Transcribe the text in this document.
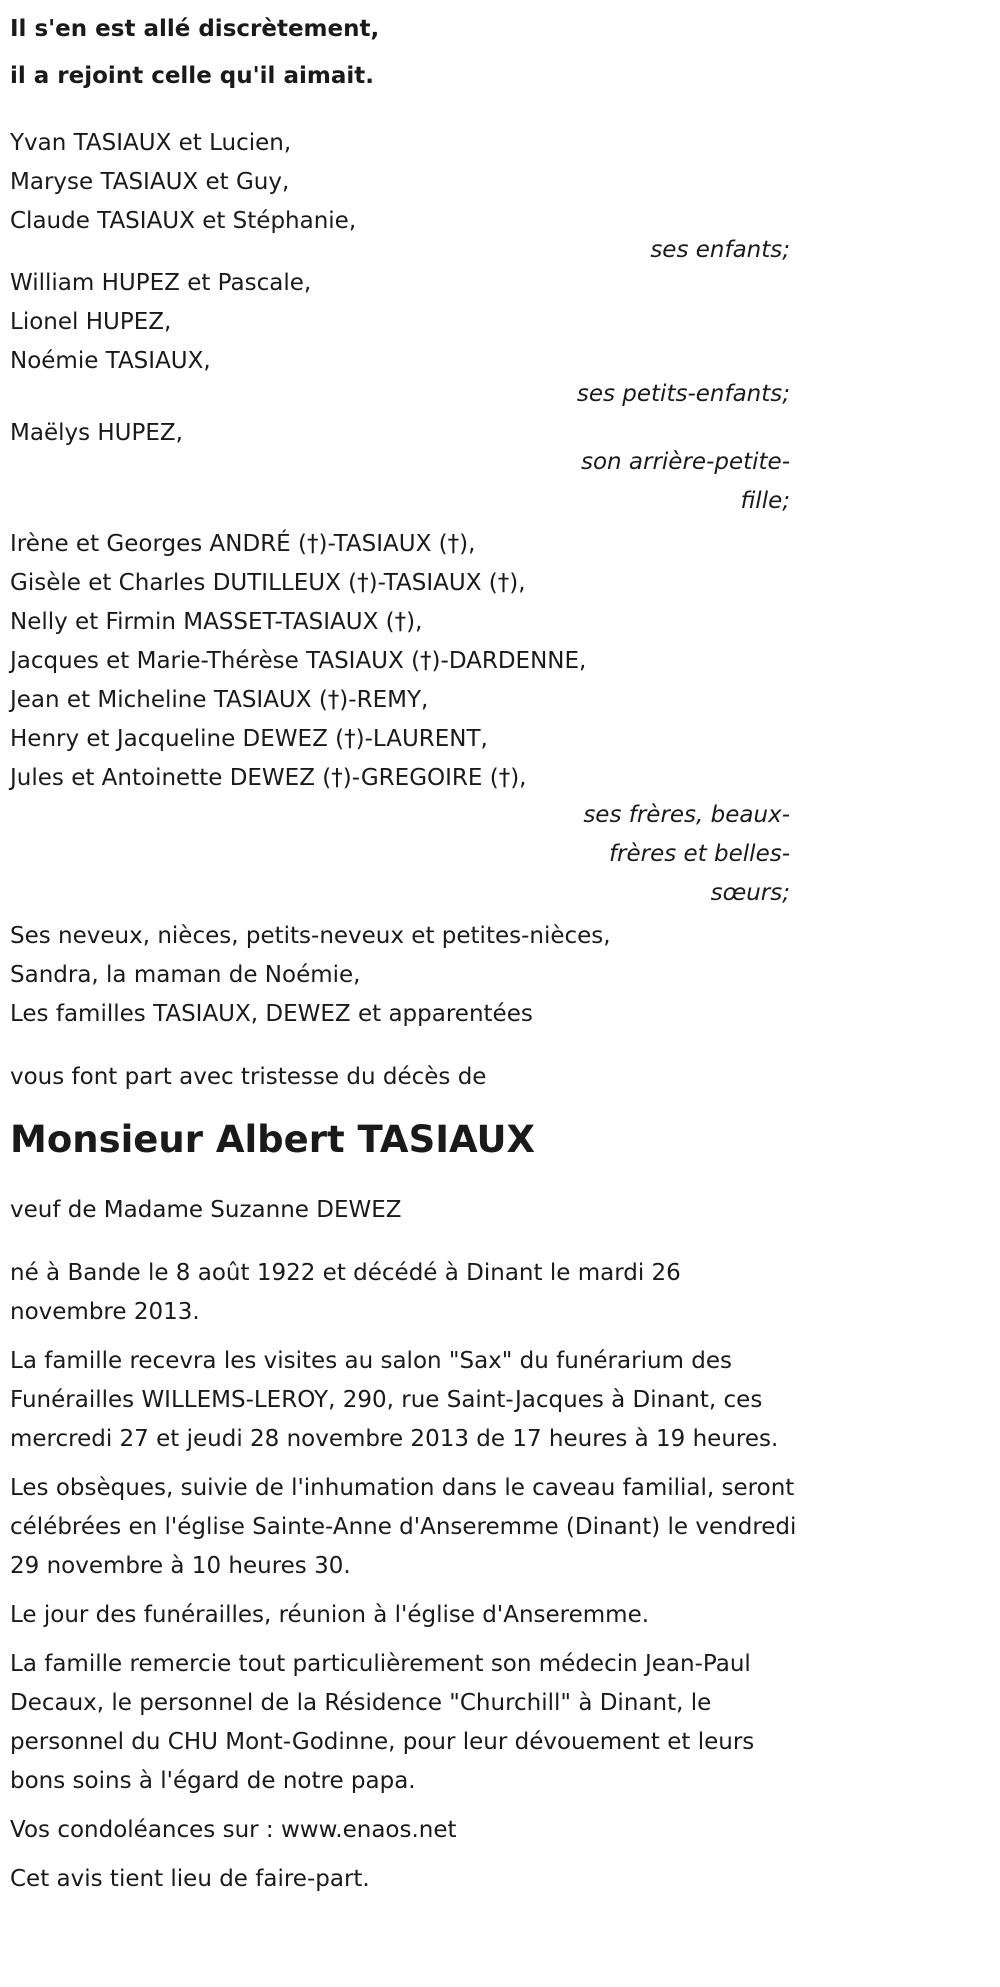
Il s'en est allé discrètement,
il a rejoint celle qu'il aimait.
Yvan TASIAUX et Lucien,
Maryse TASIAUX et Guy,
Claude TASIAUX et Stéphanie,
ses enfants;
William HUPEZ et Pascale,
Lionel HUPEZ,
Noémie TASIAUX,
ses petits-enfants;
Maëlys HUPEZ,
son arrière-petite-fille;
Irène et Georges ANDRÉ (†)-TASIAUX (†),
Gisèle et Charles DUTILLEUX (†)-TASIAUX (†),
Nelly et Firmin MASSET-TASIAUX (†),
Jacques et Marie-Thérèse TASIAUX (†)-DARDENNE,
Jean et Micheline TASIAUX (†)-REMY,
Henry et Jacqueline DEWEZ (†)-LAURENT,
Jules et Antoinette DEWEZ (†)-GREGOIRE (†),
ses frères, beaux-frères et belles-sœurs;
Ses neveux, nièces, petits-neveux et petites-nièces,
Sandra, la maman de Noémie,
Les familles TASIAUX, DEWEZ et apparentées
vous font part avec tristesse du décès de
Monsieur Albert TASIAUX
veuf de Madame Suzanne DEWEZ
né à Bande le 8 août 1922 et décédé à Dinant le mardi 26 novembre 2013.
La famille recevra les visites au salon "Sax" du funérarium des Funérailles WILLEMS-LEROY, 290, rue Saint-Jacques à Dinant, ces mercredi 27 et jeudi 28 novembre 2013 de 17 heures à 19 heures.
Les obsèques, suivie de l'inhumation dans le caveau familial, seront célébrées en l'église Sainte-Anne d'Anseremme (Dinant) le vendredi 29 novembre à 10 heures 30.
Le jour des funérailles, réunion à l'église d'Anseremme.
La famille remercie tout particulièrement son médecin Jean-Paul Decaux, le personnel de la Résidence "Churchill" à Dinant, le personnel du CHU Mont-Godinne, pour leur dévouement et leurs bons soins à l'égard de notre papa.
Vos condoléances sur : www.enaos.net
Cet avis tient lieu de faire-part.
